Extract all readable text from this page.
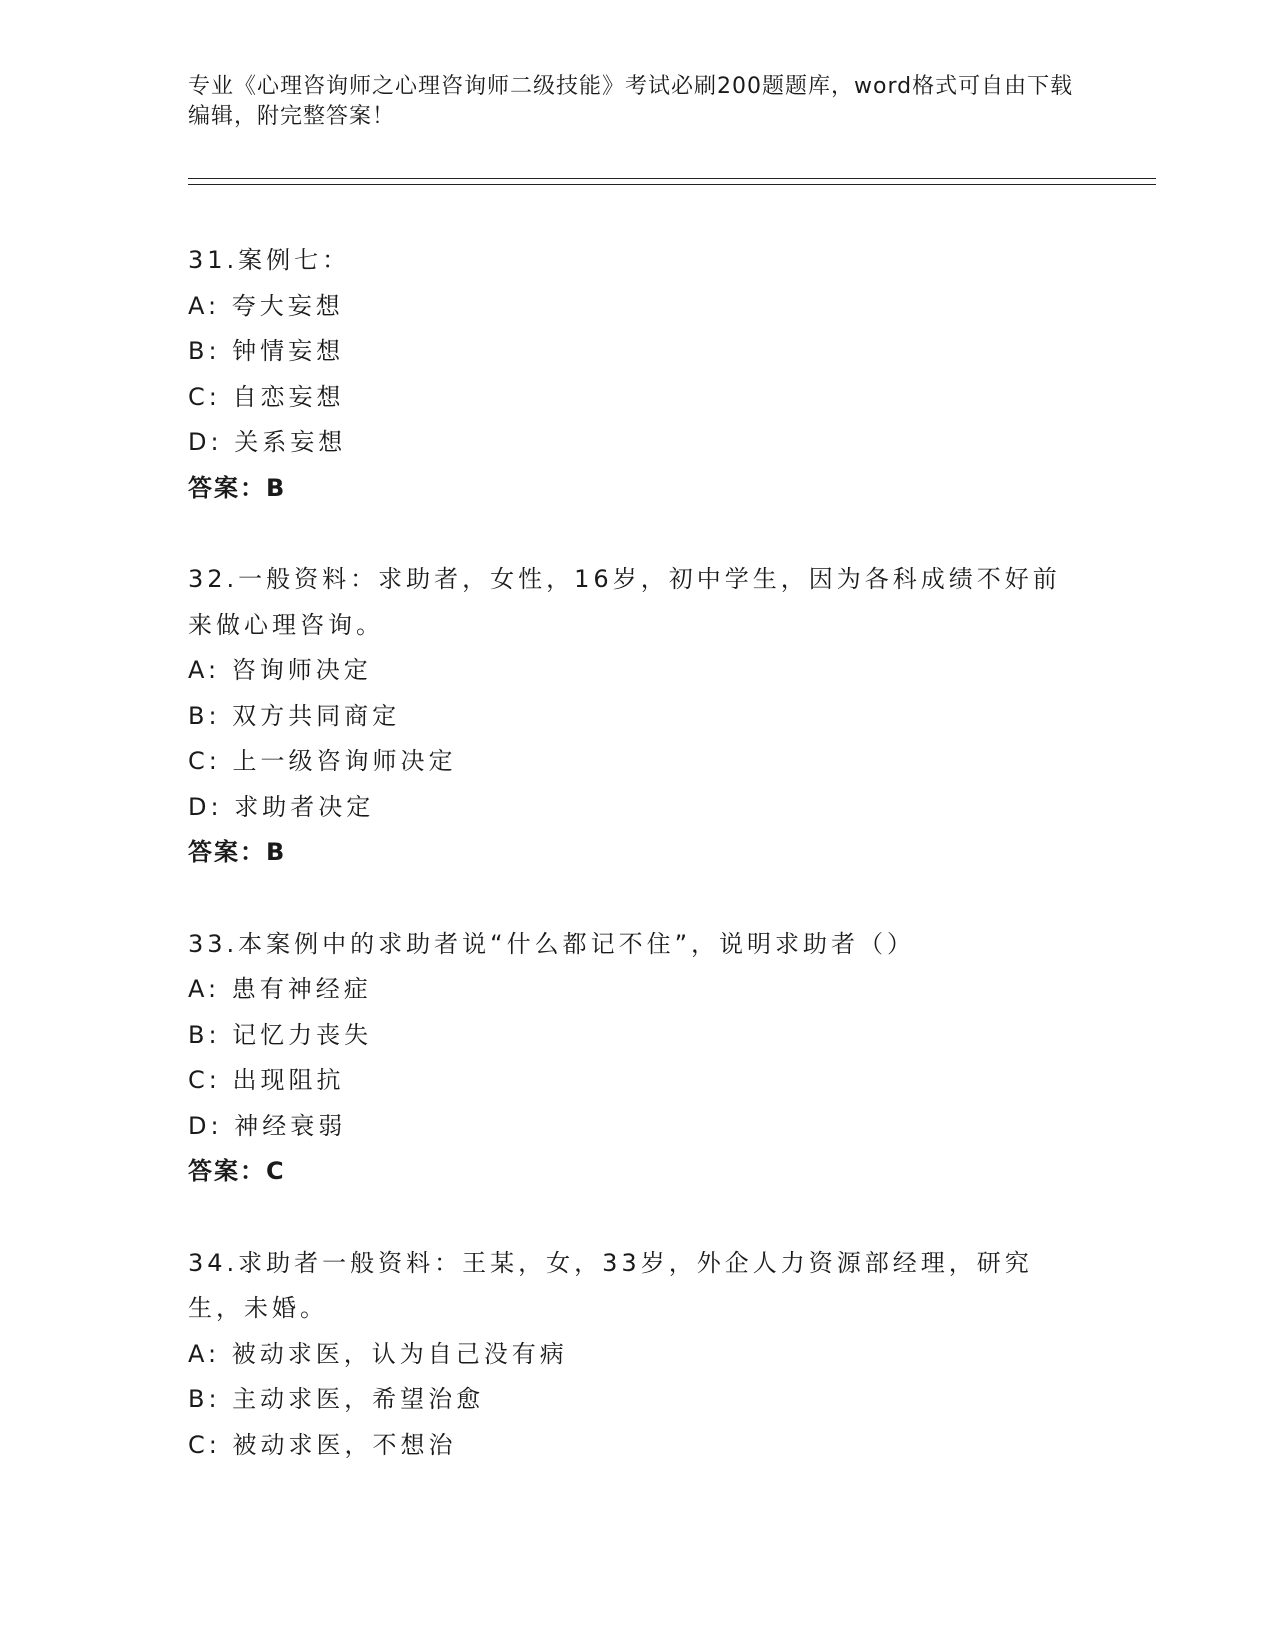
专业《心理咨询师之心理咨询师二级技能》考试必刷200题题库，word格式可自由下载编辑，附完整答案！
31.案例七：
A: 夸大妄想
B: 钟情妄想
C: 自恋妄想
D: 关系妄想
答案：B
32.一般资料：求助者，女性，16岁，初中学生，因为各科成绩不好前来做心理咨询。
A: 咨询师决定
B: 双方共同商定
C: 上一级咨询师决定
D: 求助者决定
答案：B
33.本案例中的求助者说“什么都记不住”，说明求助者（）
A: 患有神经症
B: 记忆力丧失
C: 出现阻抗
D: 神经衰弱
答案：C
34.求助者一般资料：王某，女，33岁，外企人力资源部经理，研究生，未婚。
A: 被动求医，认为自己没有病
B: 主动求医，希望治愈
C: 被动求医，不想治
